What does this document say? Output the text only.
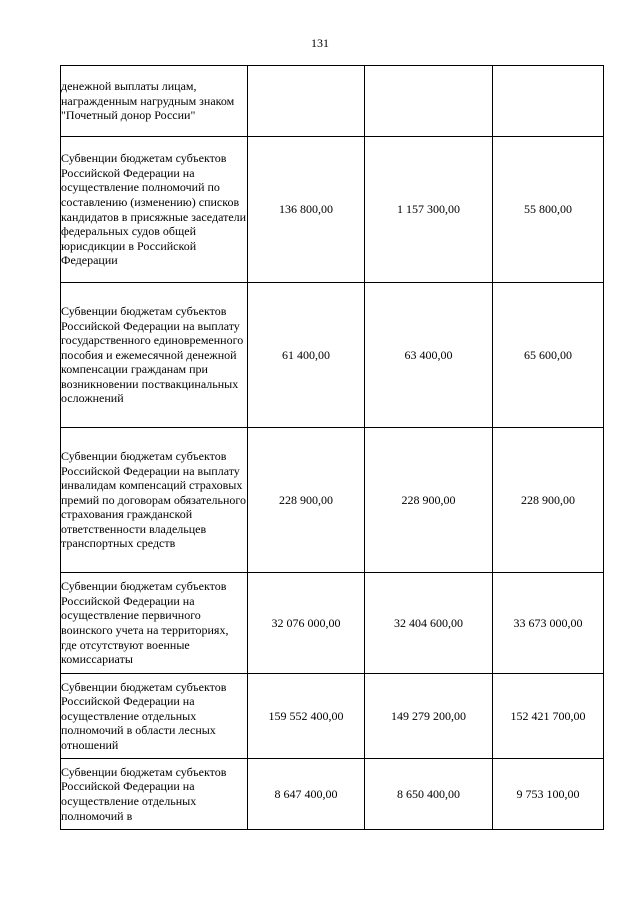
131
денежной выплаты лицам, награжденным нагрудным знаком "Почетный донор России"			
Субвенции бюджетам субъектов Российской Федерации на осуществление полномочий по составлению (изменению) списков кандидатов в присяжные заседатели федеральных судов общей юрисдикции в Российской Федерации	136 800,00	1 157 300,00	55 800,00
Субвенции бюджетам субъектов Российской Федерации на выплату государственного единовременного пособия и ежемесячной денежной компенсации гражданам при возникновении поствакцинальных осложнений	61 400,00	63 400,00	65 600,00
Субвенции бюджетам субъектов Российской Федерации на выплату инвалидам компенсаций страховых премий по договорам обязательного страхования гражданской ответственности владельцев транспортных средств	228 900,00	228 900,00	228 900,00
Субвенции бюджетам субъектов Российской Федерации на осуществление первичного воинского учета на территориях, где отсутствуют военные комиссариаты	32 076 000,00	32 404 600,00	33 673 000,00
Субвенции бюджетам субъектов Российской Федерации на осуществление отдельных полномочий в области лесных отношений	159 552 400,00	149 279 200,00	152 421 700,00
Субвенции бюджетам субъектов Российской Федерации на осуществление отдельных полномочий в	8 647 400,00	8 650 400,00	9 753 100,00
